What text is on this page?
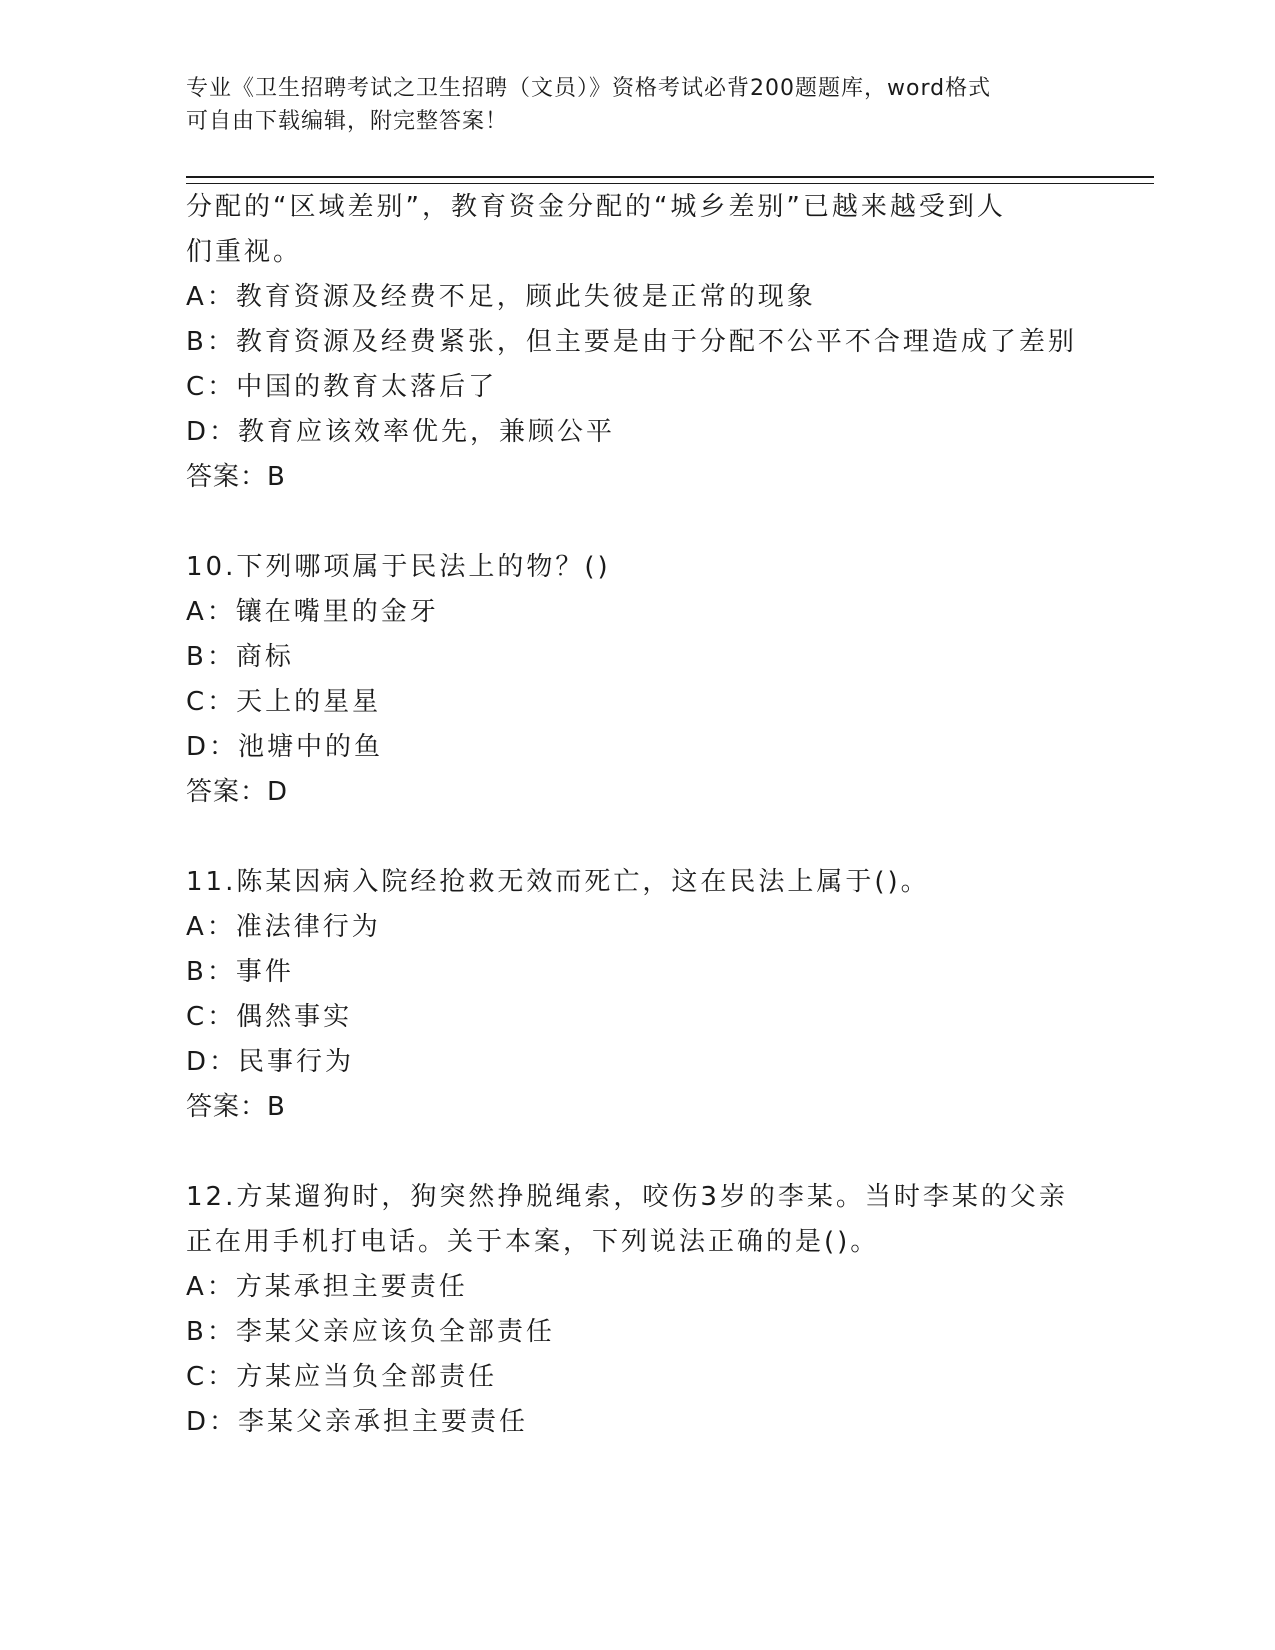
专业《卫生招聘考试之卫生招聘（文员）》资格考试必背200题题库，word格式
可自由下载编辑，附完整答案！
分配的“区域差别”，教育资金分配的“城乡差别”已越来越受到人
们重视。
A：教育资源及经费不足，顾此失彼是正常的现象
B：教育资源及经费紧张，但主要是由于分配不公平不合理造成了差别
C：中国的教育太落后了
D：教育应该效率优先，兼顾公平
答案：B
10.下列哪项属于民法上的物？()
A：镶在嘴里的金牙
B：商标
C：天上的星星
D：池塘中的鱼
答案：D
11.陈某因病入院经抢救无效而死亡，这在民法上属于()。
A：准法律行为
B：事件
C：偶然事实
D：民事行为
答案：B
12.方某遛狗时，狗突然挣脱绳索，咬伤3岁的李某。当时李某的父亲
正在用手机打电话。关于本案，下列说法正确的是()。
A：方某承担主要责任
B：李某父亲应该负全部责任
C：方某应当负全部责任
D：李某父亲承担主要责任
